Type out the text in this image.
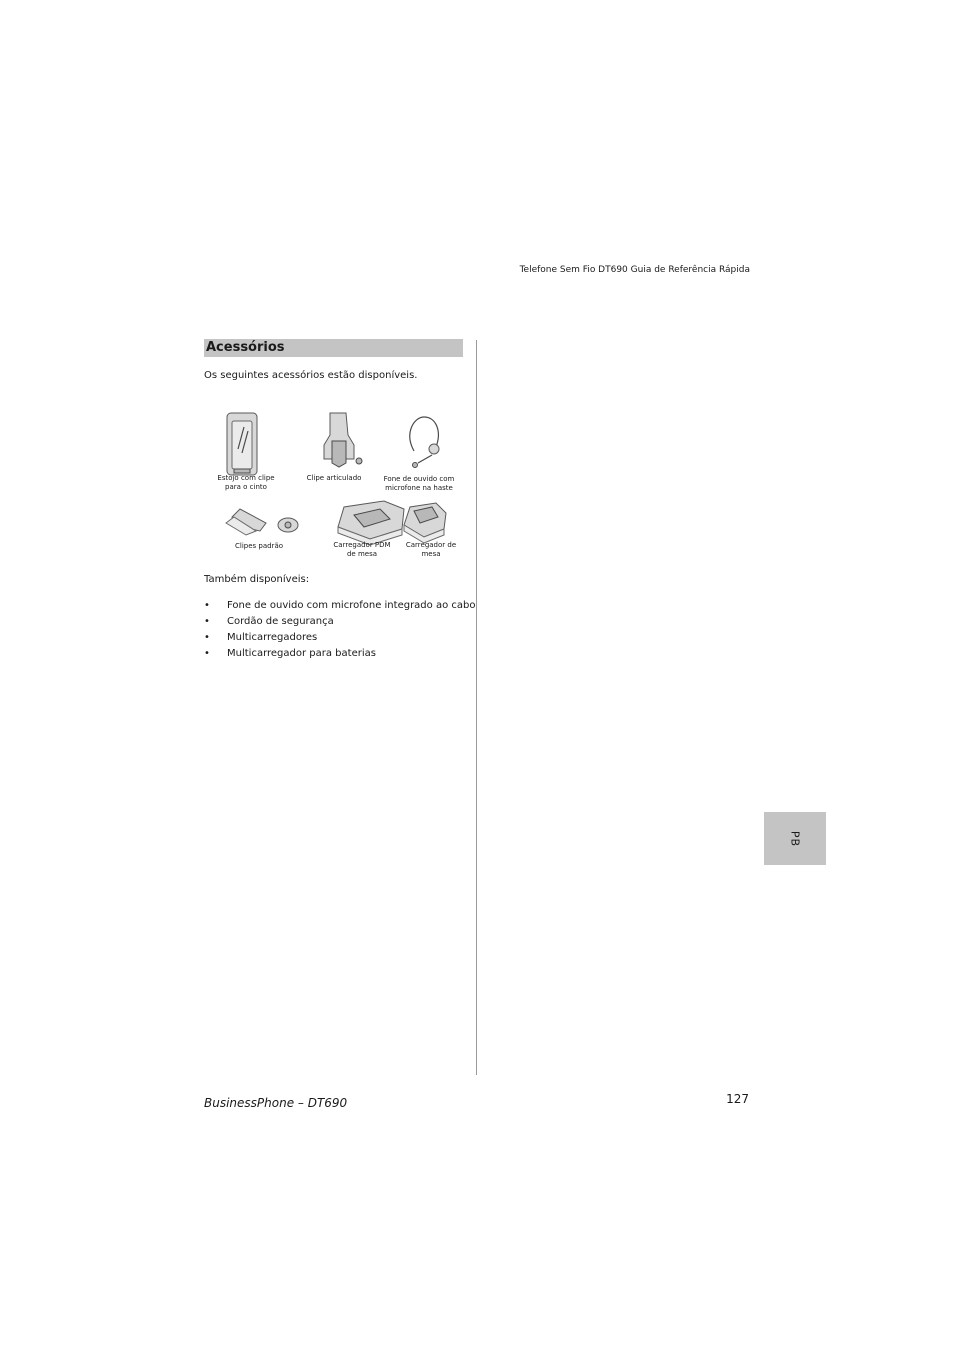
Telefone Sem Fio DT690 Guia de Referência Rápida
Acessórios
Os seguintes acessórios estão disponíveis.
Estojo com clipe
para o cinto
Clipe articulado	Fone de ouvido com
microfone na haste
Clipes padrão	Carregador PDM
de mesa
Carregador de
mesa
Também disponíveis:
• Fone de ouvido com microfone integrado ao cabo
• Cordão de segurança
• Multicarregadores
• Multicarregador para baterias
PB
BusinessPhone – DT690	127
